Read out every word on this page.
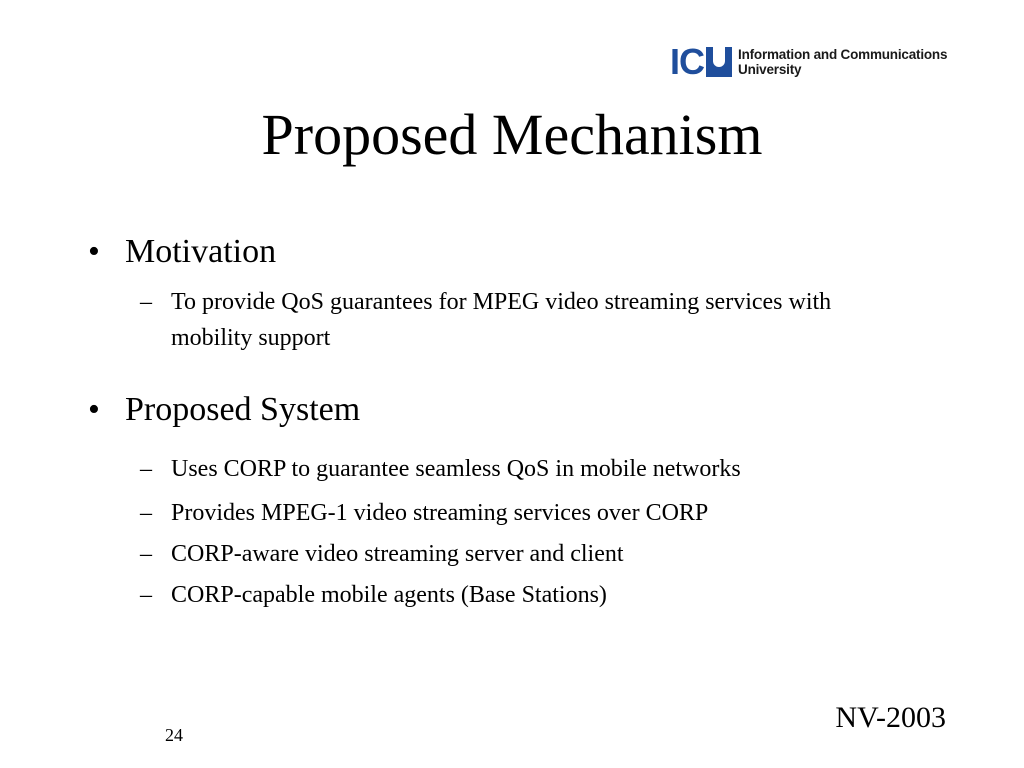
I C	Information and Communications
University
Proposed Mechanism
• Motivation
– To provide QoS guarantees for MPEG video streaming services with mobility support
• Proposed System
– Uses CORP to guarantee seamless QoS in mobile networks
– Provides MPEG-1 video streaming services over CORP
– CORP-aware video streaming server and client
– CORP-capable mobile agents (Base Stations)
24
NV-2003
